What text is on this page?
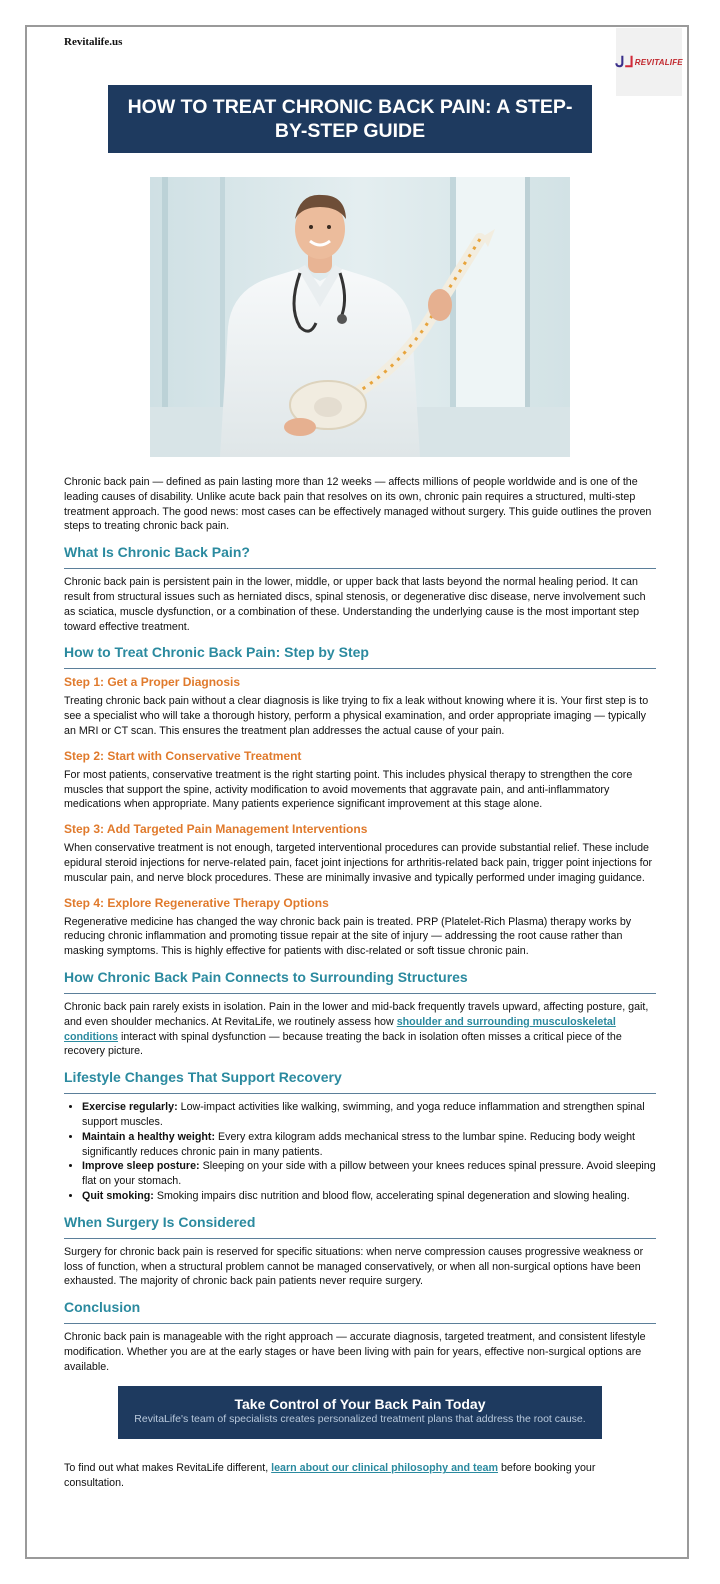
Revitalife.us
ᒍᒧ REVITALIFE
HOW TO TREAT CHRONIC BACK PAIN: A STEP-BY-STEP GUIDE

Chronic back pain — defined as pain lasting more than 12 weeks — affects millions of people worldwide and is one of the leading causes of disability. Unlike acute back pain that resolves on its own, chronic pain requires a structured, multi-step treatment approach. The good news: most cases can be effectively managed without surgery. This guide outlines the proven steps to treating chronic back pain.

What Is Chronic Back Pain?

Chronic back pain is persistent pain in the lower, middle, or upper back that lasts beyond the normal healing period. It can result from structural issues such as herniated discs, spinal stenosis, or degenerative disc disease, nerve involvement such as sciatica, muscle dysfunction, or a combination of these. Understanding the underlying cause is the most important step toward effective treatment.

How to Treat Chronic Back Pain: Step by Step
Step 1: Get a Proper Diagnosis

Treating chronic back pain without a clear diagnosis is like trying to fix a leak without knowing where it is. Your first step is to see a specialist who will take a thorough history, perform a physical examination, and order appropriate imaging — typically an MRI or CT scan. This ensures the treatment plan addresses the actual cause of your pain.

Step 2: Start with Conservative Treatment

For most patients, conservative treatment is the right starting point. This includes physical therapy to strengthen the core muscles that support the spine, activity modification to avoid movements that aggravate pain, and anti-inflammatory medications when appropriate. Many patients experience significant improvement at this stage alone.

Step 3: Add Targeted Pain Management Interventions

When conservative treatment is not enough, targeted interventional procedures can provide substantial relief. These include epidural steroid injections for nerve-related pain, facet joint injections for arthritis-related back pain, trigger point injections for muscular pain, and nerve block procedures. These are minimally invasive and typically performed under imaging guidance.

Step 4: Explore Regenerative Therapy Options

Regenerative medicine has changed the way chronic back pain is treated. PRP (Platelet-Rich Plasma) therapy works by reducing chronic inflammation and promoting tissue repair at the site of injury — addressing the root cause rather than masking symptoms. This is highly effective for patients with disc-related or soft tissue chronic pain.

How Chronic Back Pain Connects to Surrounding Structures

Chronic back pain rarely exists in isolation. Pain in the lower and mid-back frequently travels upward, affecting posture, gait, and even shoulder mechanics. At RevitaLife, we routinely assess how shoulder and surrounding musculoskeletal conditions interact with spinal dysfunction — because treating the back in isolation often misses a critical piece of the recovery picture.

Lifestyle Changes That Support Recovery
• Exercise regularly: Low-impact activities like walking, swimming, and yoga reduce inflammation and strengthen spinal support muscles.
• Maintain a healthy weight: Every extra kilogram adds mechanical stress to the lumbar spine. Reducing body weight significantly reduces chronic pain in many patients.
• Improve sleep posture: Sleeping on your side with a pillow between your knees reduces spinal pressure. Avoid sleeping flat on your stomach.
• Quit smoking: Smoking impairs disc nutrition and blood flow, accelerating spinal degeneration and slowing healing.
When Surgery Is Considered

Surgery for chronic back pain is reserved for specific situations: when nerve compression causes progressive weakness or loss of function, when a structural problem cannot be managed conservatively, or when all non-surgical options have been exhausted. The majority of chronic back pain patients never require surgery.

Conclusion

Chronic back pain is manageable with the right approach — accurate diagnosis, targeted treatment, and consistent lifestyle modification. Whether you are at the early stages or have been living with pain for years, effective non-surgical options are available.

Take Control of Your Back Pain Today
RevitaLife's team of specialists creates personalized treatment plans that address the root cause.

To find out what makes RevitaLife different, learn about our clinical philosophy and team before booking your consultation.
